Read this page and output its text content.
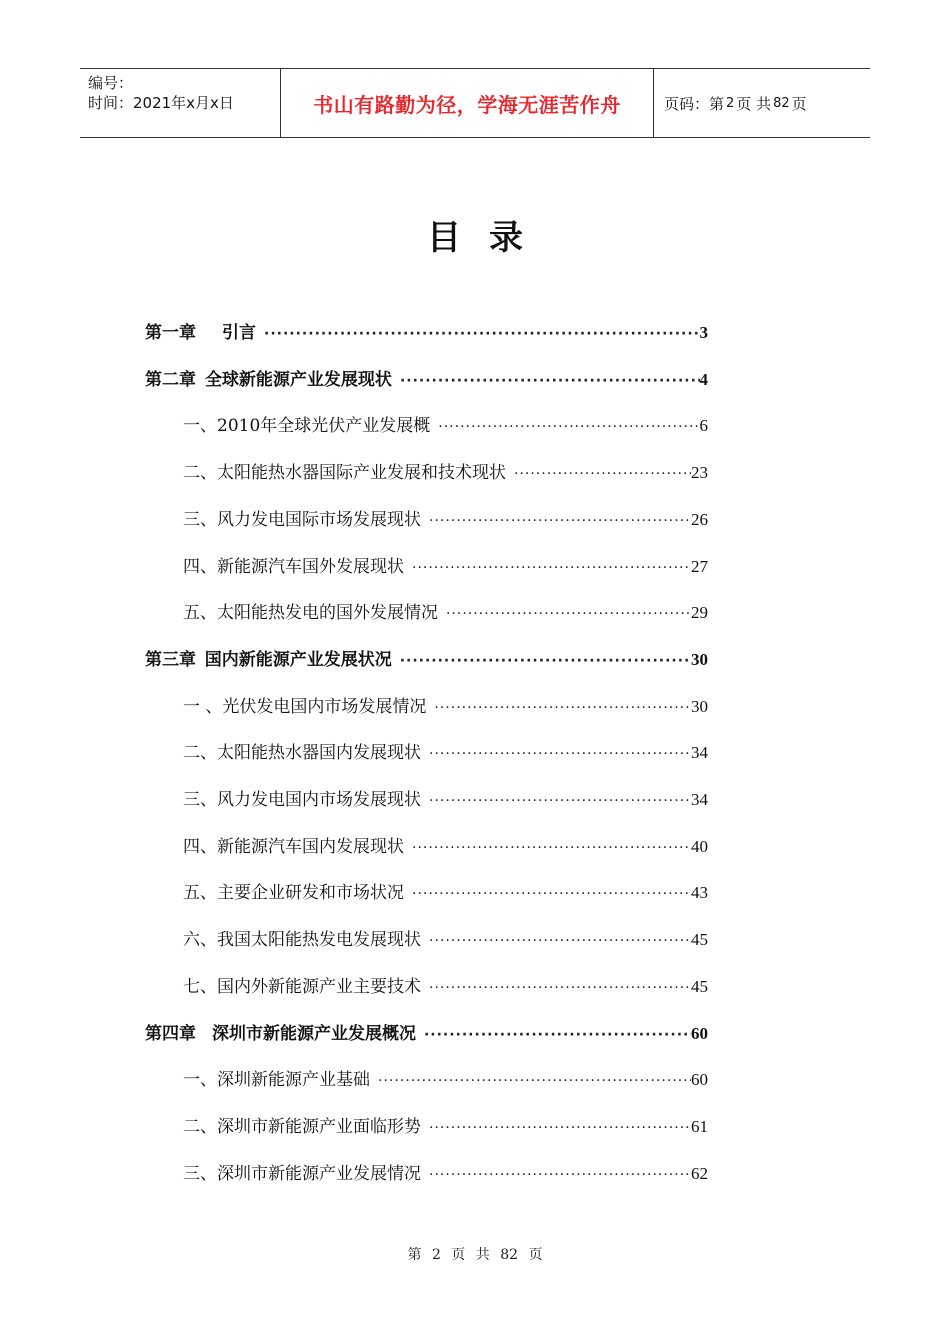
编号：
时间：2021年x月x日	书山有路勤为径，学海无涯苦作舟	页码：第 2 页 共 82 页
目录
第一章 引言 ·····	3
第二章 全球新能源产业发展现状 ·····	4
一、2010年全球光伏产业发展概 ·····	6
二、太阳能热水器国际产业发展和技术现状 ·····	23
三、风力发电国际市场发展现状 ·····	26
四、新能源汽车国外发展现状 ·····	27
五、太阳能热发电的国外发展情况 ·····	29
第三章 国内新能源产业发展状况 ·····	30
一 、光伏发电国内市场发展情况 ·····	30
二、太阳能热水器国内发展现状 ·····	34
三、风力发电国内市场发展现状 ·····	34
四、新能源汽车国内发展现状 ·····	40
五、主要企业研发和市场状况 ·····	43
六、我国太阳能热发电发展现状 ·····	45
七、国内外新能源产业主要技术 ·····	45
第四章 深圳市新能源产业发展概况 ·····	60
一、深圳新能源产业基础 ·····	60
二、深圳市新能源产业面临形势 ·····	61
三、深圳市新能源产业发展情况 ·····	62
第 2 页 共 82 页
